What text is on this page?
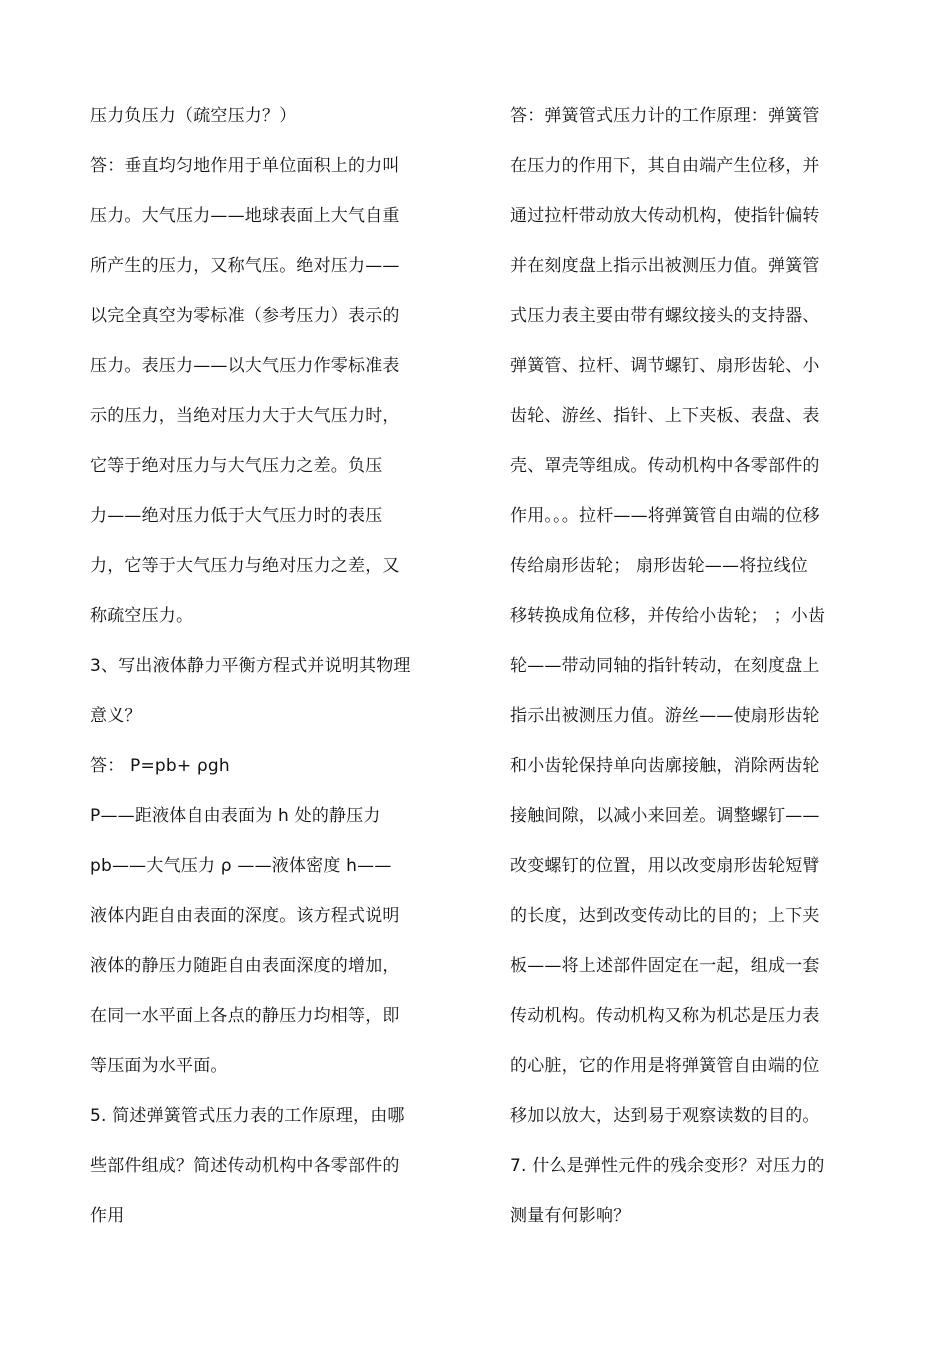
压力负压力（疏空压力？）
答：垂直均匀地作用于单位面积上的力叫
压力。大气压力——地球表面上大气自重
所产生的压力，又称气压。绝对压力——
以完全真空为零标准（参考压力）表示的
压力。表压力——以大气压力作零标准表
示的压力，当绝对压力大于大气压力时，
它等于绝对压力与大气压力之差。负压
力——绝对压力低于大气压力时的表压
力，它等于大气压力与绝对压力之差，又
称疏空压力。
3、写出液体静力平衡方程式并说明其物理
意义？
答： P=pb+ ρgh
P——距液体自由表面为 h 处的静压力
pb——大气压力 ρ ——液体密度 h——
液体内距自由表面的深度。该方程式说明
液体的静压力随距自由表面深度的增加，
在同一水平面上各点的静压力均相等，即
等压面为水平面。
5. 简述弹簧管式压力表的工作原理，由哪
些部件组成？简述传动机构中各零部件的
作用
答：弹簧管式压力计的工作原理：弹簧管
在压力的作用下，其自由端产生位移，并
通过拉杆带动放大传动机构，使指针偏转
并在刻度盘上指示出被测压力值。弹簧管
式压力表主要由带有螺纹接头的支持器、
弹簧管、拉杆、调节螺钉、扇形齿轮、小
齿轮、游丝、指针、上下夹板、表盘、表
壳、罩壳等组成。传动机构中各零部件的
作用。。。拉杆——将弹簧管自由端的位移
传给扇形齿轮； 扇形齿轮——将拉线位
移转换成角位移，并传给小齿轮； ；小齿
轮——带动同轴的指针转动，在刻度盘上
指示出被测压力值。游丝——使扇形齿轮
和小齿轮保持单向齿廓接触，消除两齿轮
接触间隙，以减小来回差。调整螺钉——
改变螺钉的位置，用以改变扇形齿轮短臂
的长度，达到改变传动比的目的；上下夹
板——将上述部件固定在一起，组成一套
传动机构。传动机构又称为机芯是压力表
的心脏，它的作用是将弹簧管自由端的位
移加以放大，达到易于观察读数的目的。
7. 什么是弹性元件的残余变形？对压力的
测量有何影响？
